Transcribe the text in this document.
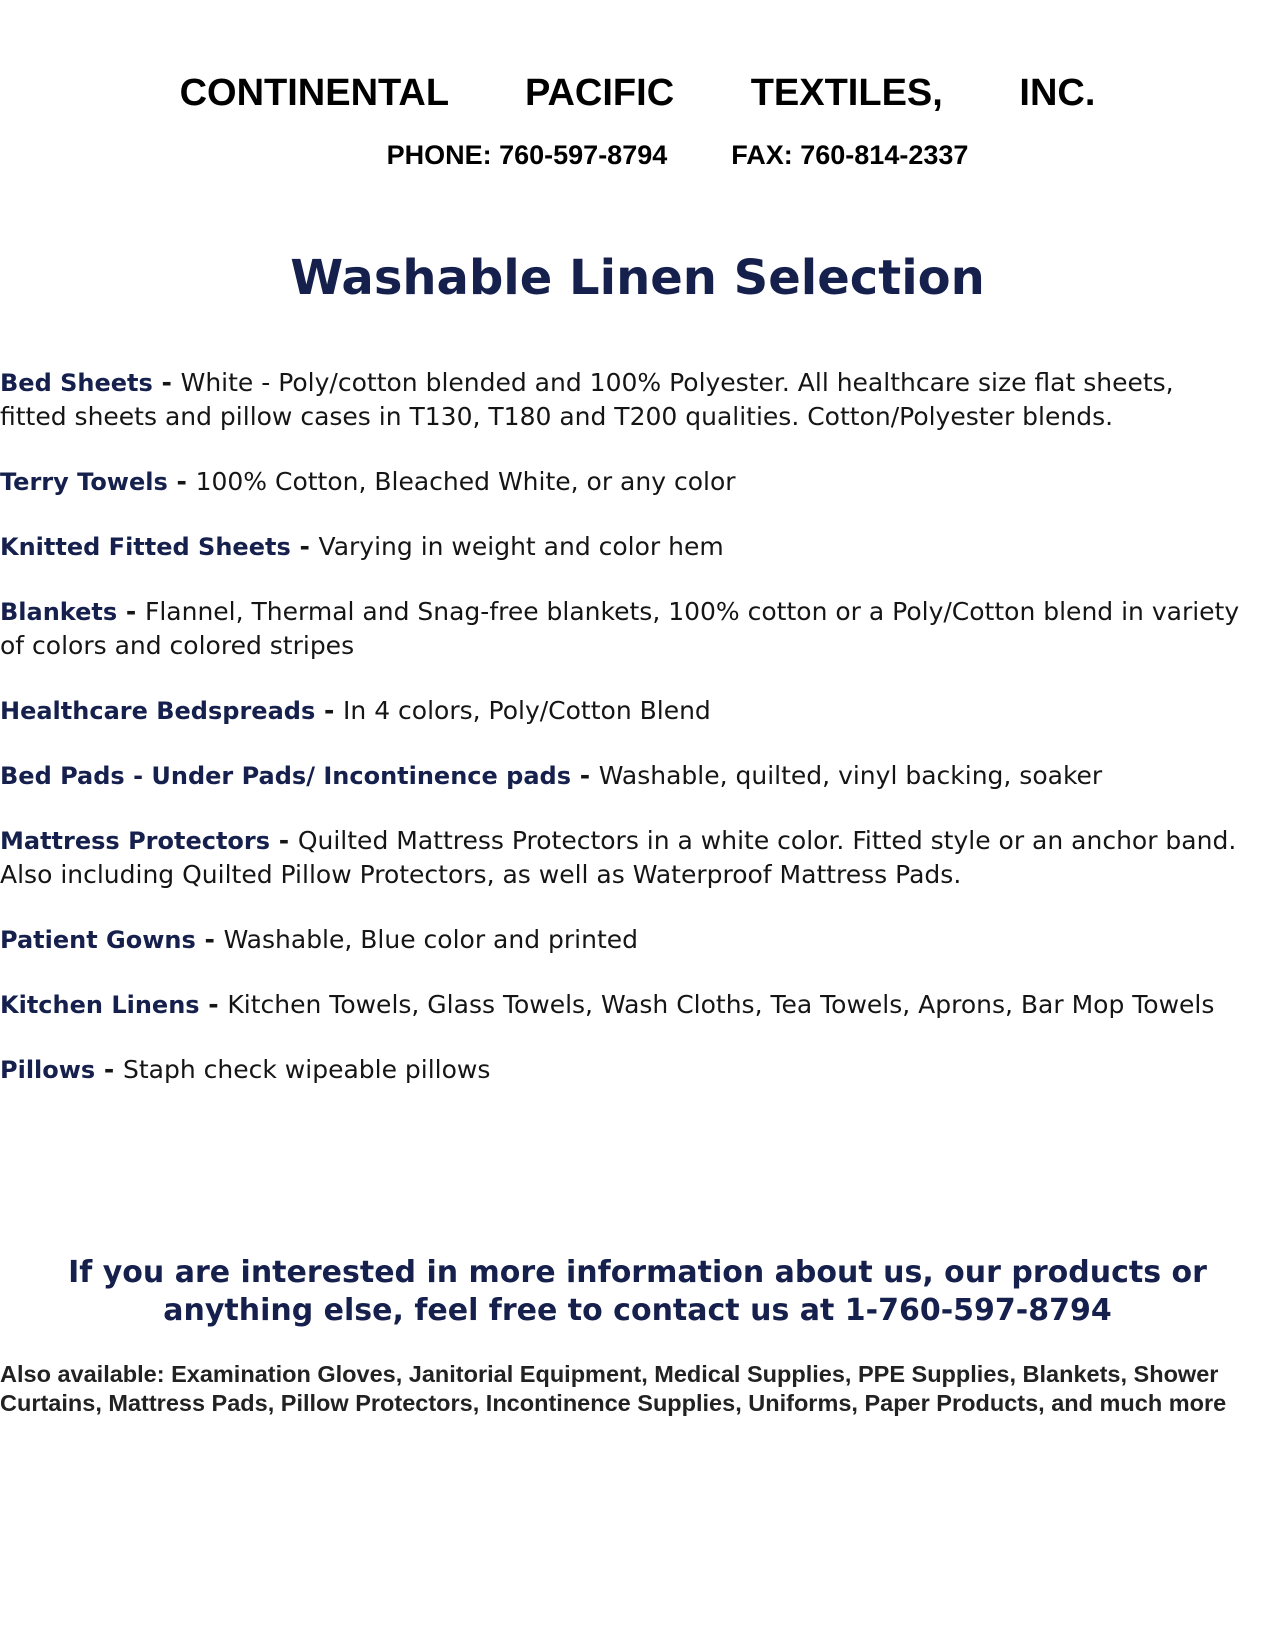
CONTINENTAL PACIFIC TEXTILES, INC.
PHONE: 760-597-8794 FAX: 760-814-2337
Washable Linen Selection
Bed Sheets - White - Poly/cotton blended and 100% Polyester. All healthcare size flat sheets, fitted sheets and pillow cases in T130, T180 and T200 qualities. Cotton/Polyester blends.
Terry Towels - 100% Cotton, Bleached White, or any color
Knitted Fitted Sheets - Varying in weight and color hem
Blankets - Flannel, Thermal and Snag-free blankets, 100% cotton or a Poly/Cotton blend in variety of colors and colored stripes
Healthcare Bedspreads - In 4 colors, Poly/Cotton Blend
Bed Pads - Under Pads/ Incontinence pads - Washable, quilted, vinyl backing, soaker
Mattress Protectors - Quilted Mattress Protectors in a white color. Fitted style or an anchor band. Also including Quilted Pillow Protectors, as well as Waterproof Mattress Pads.
Patient Gowns - Washable, Blue color and printed
Kitchen Linens - Kitchen Towels, Glass Towels, Wash Cloths, Tea Towels, Aprons, Bar Mop Towels
Pillows - Staph check wipeable pillows

If you are interested in more information about us, our products or anything else, feel free to contact us at 1-760-597-8794

Also available: Examination Gloves, Janitorial Equipment, Medical Supplies, PPE Supplies, Blankets, Shower Curtains, Mattress Pads, Pillow Protectors, Incontinence Supplies, Uniforms, Paper Products, and much more
